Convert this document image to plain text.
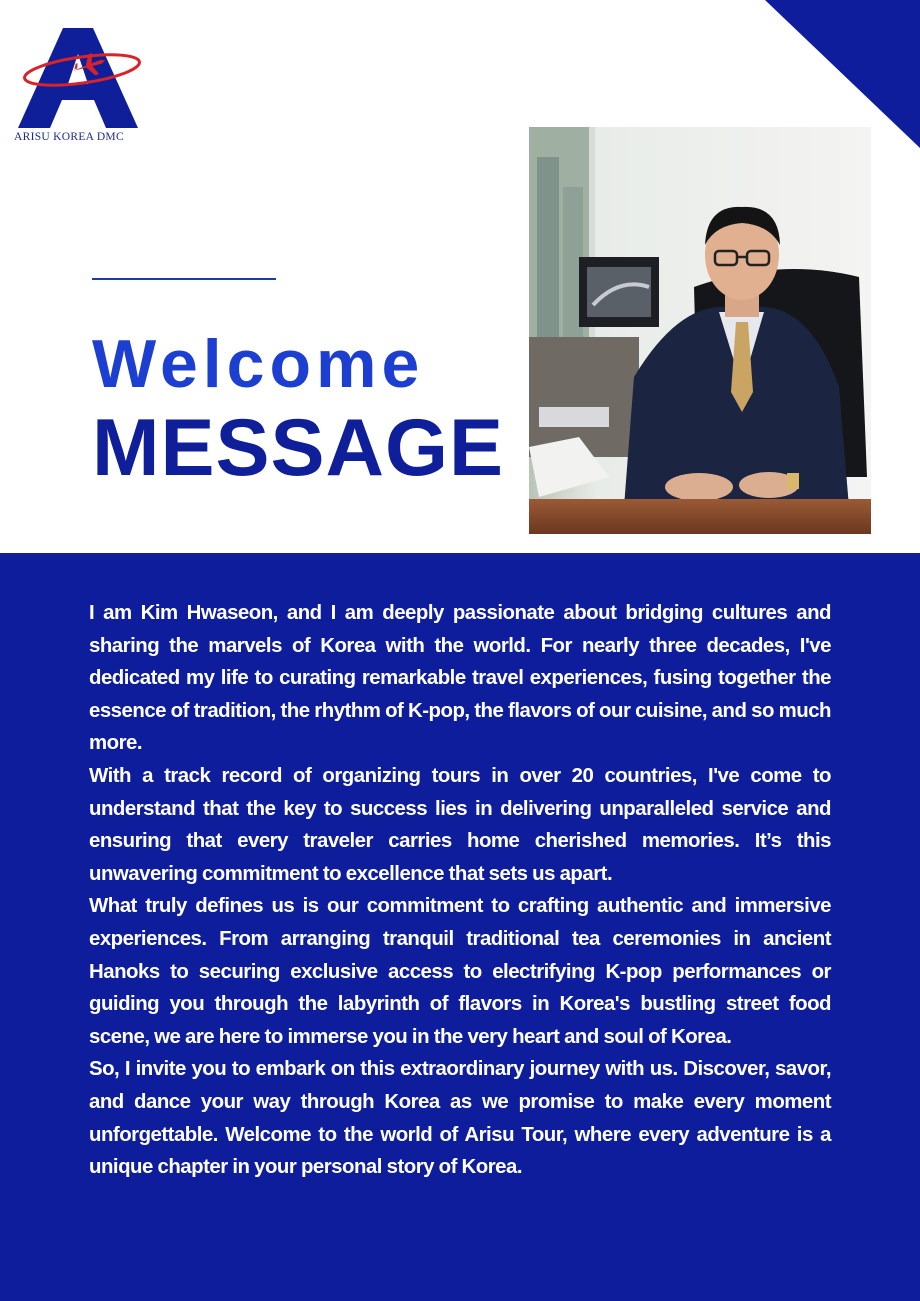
ARISU KOREA DMC
Welcome
MESSAGE

I am Kim Hwaseon, and I am deeply passionate about bridging cultures and sharing the marvels of Korea with the world. For nearly three decades, I've dedicated my life to curating remarkable travel experiences, fusing together the essence of tradition, the rhythm of K-pop, the flavors of our cuisine, and so much more.

With a track record of organizing tours in over 20 countries, I've come to understand that the key to success lies in delivering unparalleled service and ensuring that every traveler carries home cherished memories. It’s this unwavering commitment to excellence that sets us apart.

What truly defines us is our commitment to crafting authentic and immersive experiences. From arranging tranquil traditional tea ceremonies in ancient Hanoks to securing exclusive access to electrifying K-pop performances or guiding you through the labyrinth of flavors in Korea's bustling street food scene, we are here to immerse you in the very heart and soul of Korea.

So, I invite you to embark on this extraordinary journey with us. Discover, savor, and dance your way through Korea as we promise to make every moment unforgettable. Welcome to the world of Arisu Tour, where every adventure is a unique chapter in your personal story of Korea.
